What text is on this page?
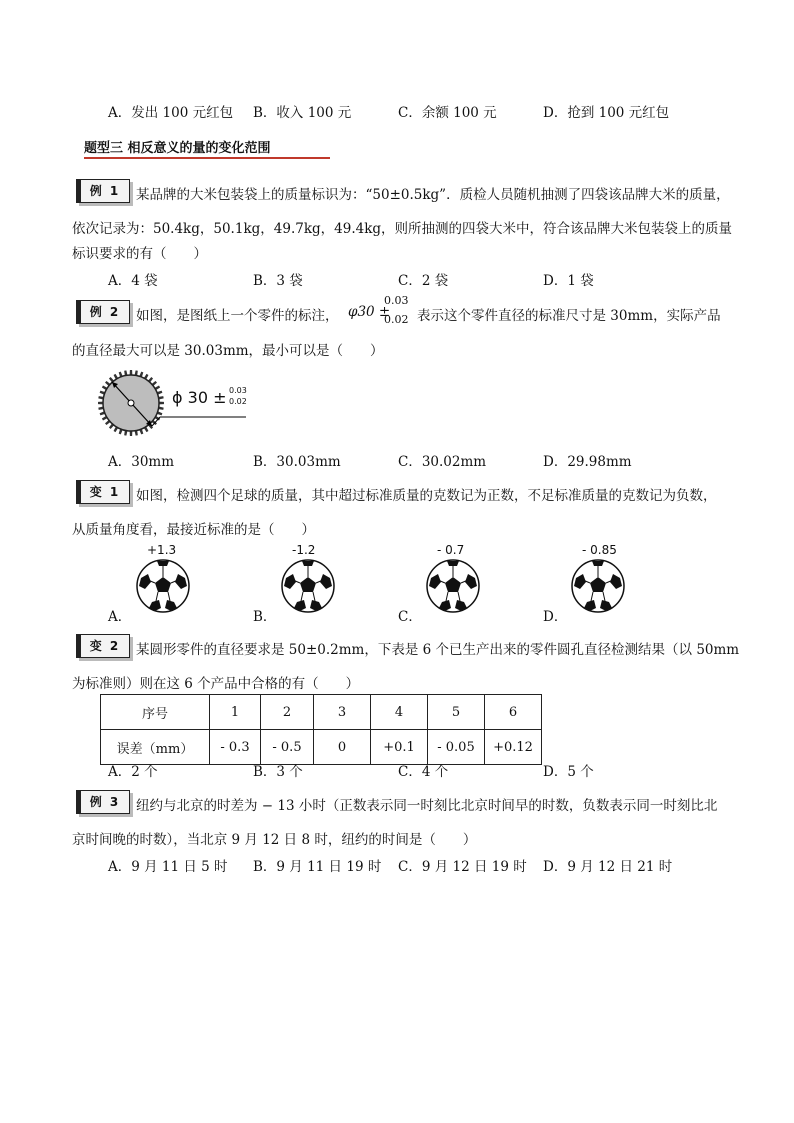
A．发出 100 元红包 B．收入 100 元	C．余额 100 元	D．抢到 100 元红包
题型三 相反意义的量的变化范围
例 1	某品牌的大米包装袋上的质量标识为：“50±0.5kg”．质检人员随机抽测了四袋该品牌大米的质量，
依次记录为：50.4kg，50.1kg，49.7kg，49.4kg，则所抽测的四袋大米中，符合该品牌大米包装袋上的质量
标识要求的有（　　）
A．4 袋	B．3 袋	C．2 袋	D．1 袋
例 2	如图，是图纸上一个零件的标注， φ30 ±
0.03
0.02 表示这个零件直径的标准尺寸是 30mm，实际产品
的直径最大可以是 30.03mm，最小可以是（　　）
ϕ 30 ± 0.03
0.02
A．30mm	B．30.03mm	C．30.02mm	D．29.98mm
变 1	如图，检测四个足球的质量，其中超过标准质量的克数记为正数，不足标准质量的克数记为负数，
从质量角度看，最接近标准的是（　　）
+1.3	-1.2	- 0.7	- 0.85
A．	B．	C．	D．
变 2	某圆形零件的直径要求是 50±0.2mm，下表是 6 个已生产出来的零件圆孔直径检测结果（以 50mm
为标准则）则在这 6 个产品中合格的有（　　）
序号	1	2	3	4	5	6
误差（mm）	- 0.3	- 0.5	0	+0.1	- 0.05	+0.12
A．2 个	B．3 个	C．4 个	D．5 个
例 3	纽约与北京的时差为 − 13 小时（正数表示同一时刻比北京时间早的时数，负数表示同一时刻比北
京时间晚的时数），当北京 9 月 12 日 8 时，纽约的时间是（　　）
A．9 月 11 日 5 时 B．9 月 11 日 19 时 C．9 月 12 日 19 时 D．9 月 12 日 21 时
